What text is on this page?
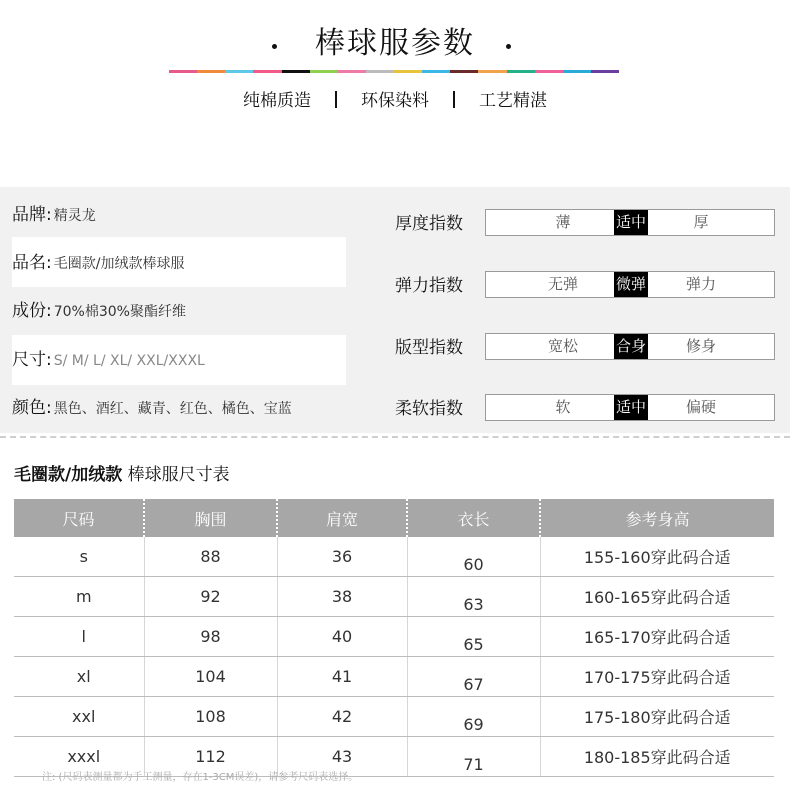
棒球服参数
纯棉质造	环保染料	工艺精湛
品牌: 精灵龙
品名: 毛圈款/加绒款棒球服
成份: 70%棉30%聚酯纤维
尺寸: S/ M/ L/ XL/ XXL/XXXL
颜色: 黑色、酒红、藏青、红色、橘色、宝蓝
厚度指数	薄	适中	厚
弹力指数	无弹	微弹	弹力
版型指数	宽松	合身	修身
柔软指数	软	适中	偏硬
毛圈款/加绒款 棒球服尺寸表
尺码	胸围	肩宽	衣长	参考身高
s	88	36	60	155-160穿此码合适
m	92	38	63	160-165穿此码合适
l	98	40	65	165-170穿此码合适
xl	104	41	67	170-175穿此码合适
xxl	108	42	69	175-180穿此码合适
xxxl	112	43	71	180-185穿此码合适
注: (尺码表测量都为手工测量，存在1-3CM误差)，请参考尺码表选择。
